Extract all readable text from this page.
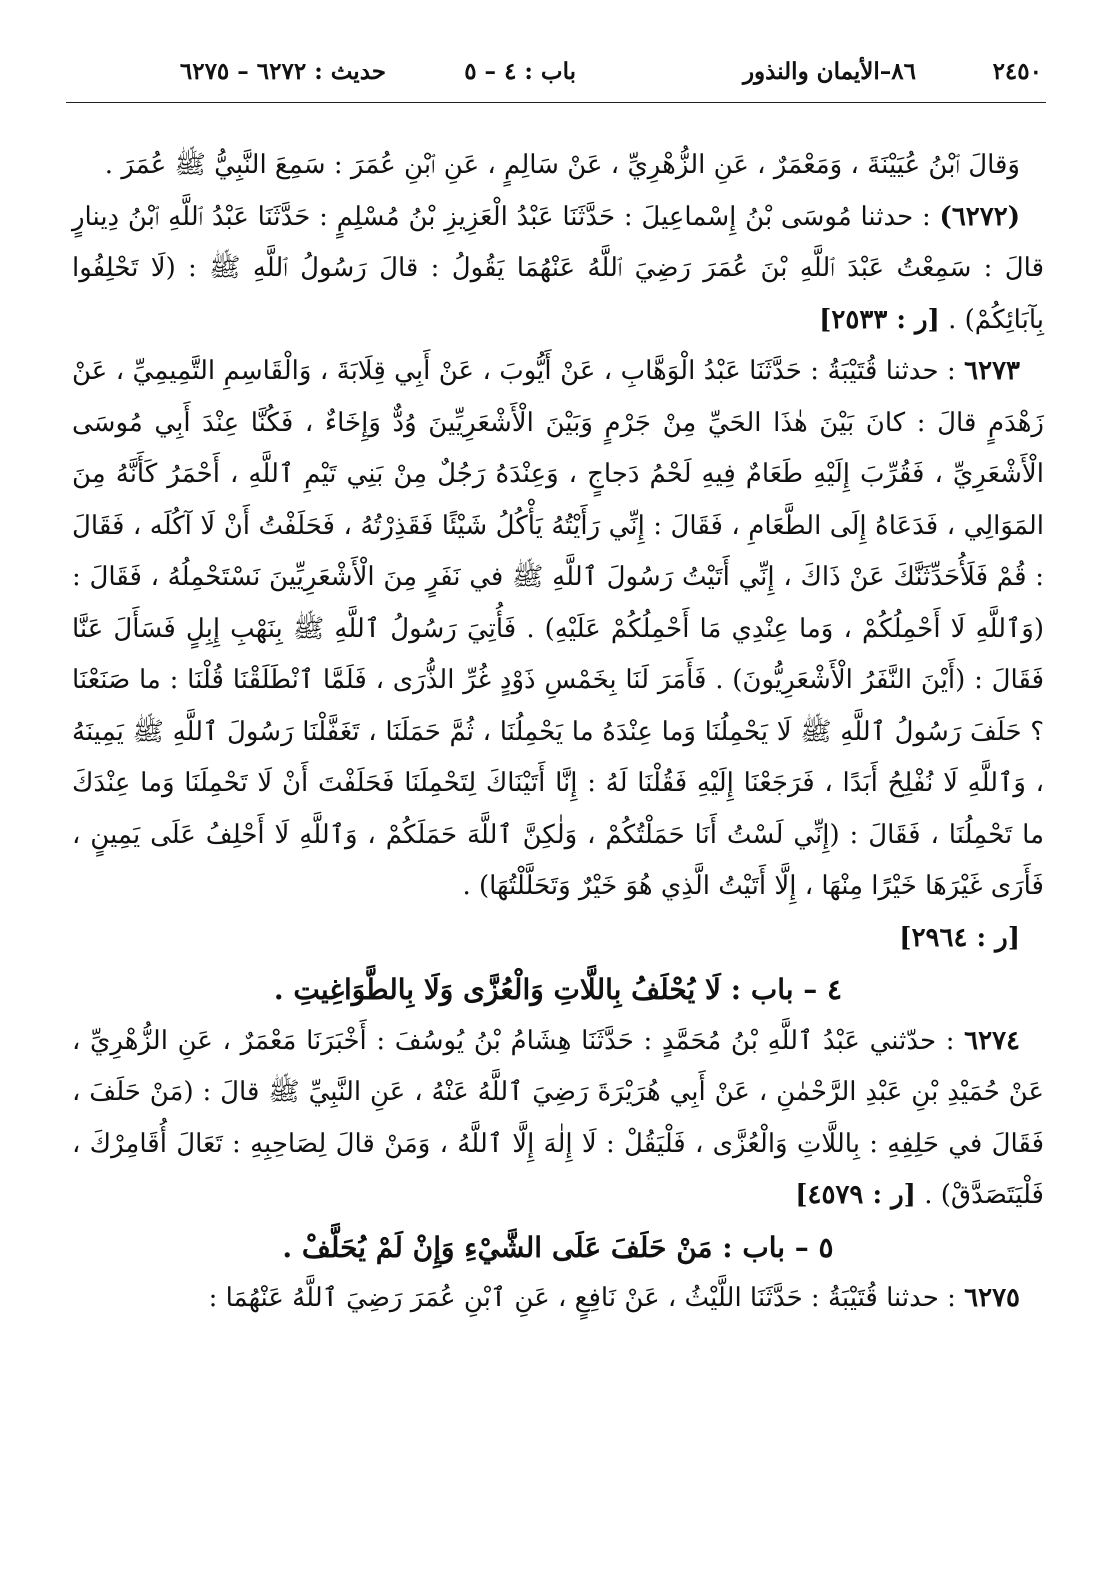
٢٤٥٠
٨٦–الأيمان والنذور
باب : ٤ – ٥
حديث : ٦٢٧٢ – ٦٢٧٥

وَقالَ ٱبْنُ عُيَيْنَةَ ، وَمَعْمَرٌ ، عَنِ الزُّهْرِيِّ ، عَنْ سَالِمٍ ، عَنِ ٱبْنِ عُمَرَ : سَمِعَ النَّبِيُّ ﷺ عُمَرَ .

(٦٢٧٢) : حدثنا مُوسَى بْنُ إِسْماعِيلَ : حَدَّثَنَا عَبْدُ الْعَزِيزِ بْنُ مُسْلِمٍ : حَدَّثَنَا عَبْدُ ٱللَّهِ ٱبْنُ دِينارٍ قالَ : سَمِعْتُ عَبْدَ ٱللَّهِ بْنَ عُمَرَ رَضِيَ ٱللَّهُ عَنْهُمَا يَقُولُ : قالَ رَسُولُ ٱللَّهِ ﷺ : (لَا تَحْلِفُوا بِآبَائِكُمْ) . [ر : ٢٥٣٣]

٦٢٧٣ : حدثنا قُتَيْبَةُ : حَدَّثَنَا عَبْدُ الْوَهَّابِ ، عَنْ أَيُّوبَ ، عَنْ أَبِي قِلَابَةَ ، وَالْقَاسِمِ التَّمِيمِيِّ ، عَنْ زَهْدَمٍ قالَ : كانَ بَيْنَ هٰذَا الحَيِّ مِنْ جَرْمٍ وَبَيْنَ الْأَشْعَرِيِّينَ وُدٌّ وَإِخَاءٌ ، فَكُنَّا عِنْدَ أَبِي مُوسَى الْأَشْعَرِيِّ ، فَقُرِّبَ إِلَيْهِ طَعَامٌ فِيهِ لَحْمُ دَجاجٍ ، وَعِنْدَهُ رَجُلٌ مِنْ بَنِي تَيْمِ ٱللَّهِ ، أَحْمَرُ كَأَنَّهُ مِنَ المَوَالِي ، فَدَعَاهُ إِلَى الطَّعَامِ ، فَقَالَ : إِنِّي رَأَيْتُهُ يَأْكُلُ شَيْئًا فَقَذِرْتُهُ ، فَحَلَفْتُ أَنْ لَا آكُلَه ، فَقَالَ : قُمْ فَلَأُحَدِّثَنَّكَ عَنْ ذَاكَ ، إِنِّي أَتَيْتُ رَسُولَ ٱللَّهِ ﷺ في نَفَرٍ مِنَ الْأَشْعَرِيِّينَ نَسْتَحْمِلُهُ ، فَقَالَ : (وَٱللَّهِ لَا أَحْمِلُكُمْ ، وَما عِنْدِي مَا أَحْمِلُكُمْ عَلَيْهِ) . فَأُتِيَ رَسُولُ ٱللَّهِ ﷺ بِنَهْبِ إِبِلٍ فَسَأَلَ عَنَّا فَقَالَ : (أَيْنَ النَّفَرُ الْأَشْعَرِيُّونَ) . فَأَمَرَ لَنَا بِخَمْسِ ذَوْدٍ غُرِّ الذُّرَى ، فَلَمَّا ٱنْطَلَقْنَا قُلْنَا : ما صَنَعْنَا ؟ حَلَفَ رَسُولُ ٱللَّهِ ﷺ لَا يَحْمِلُنَا وَما عِنْدَهُ ما يَحْمِلُنَا ، ثُمَّ حَمَلَنَا ، تَغَفَّلْنَا رَسُولَ ٱللَّهِ ﷺ يَمِينَهُ ، وَٱللَّهِ لَا نُفْلِحُ أَبَدًا ، فَرَجَعْنَا إِلَيْهِ فَقُلْنَا لَهُ : إِنَّا أَتَيْنَاكَ لِتَحْمِلَنَا فَحَلَفْتَ أَنْ لَا تَحْمِلَنَا وَما عِنْدَكَ ما تَحْمِلُنَا ، فَقَالَ : (إِنِّي لَسْتُ أَنَا حَمَلْتُكُمْ ، وَلٰكِنَّ ٱللَّهَ حَمَلَكُمْ ، وَٱللَّهِ لَا أَحْلِفُ عَلَى يَمِينٍ ، فَأَرَى غَيْرَهَا خَيْرًا مِنْهَا ، إِلَّا أَتَيْتُ الَّذِي هُوَ خَيْرٌ وَتَحَلَّلْتُهَا) .

[ر : ٢٩٦٤]

٤ – باب : لَا يُحْلَفُ بِاللَّاتِ وَالْعُزَّى وَلَا بِالطَّوَاغِيتِ .

٦٢٧٤ : حدّثني عَبْدُ ٱللَّهِ بْنُ مُحَمَّدٍ : حَدَّثَنَا هِشَامُ بْنُ يُوسُفَ : أَخْبَرَنَا مَعْمَرٌ ، عَنِ الزُّهْرِيِّ ، عَنْ حُمَيْدِ بْنِ عَبْدِ الرَّحْمٰنِ ، عَنْ أَبِي هُرَيْرَةَ رَضِيَ ٱللَّهُ عَنْهُ ، عَنِ النَّبِيِّ ﷺ قالَ : (مَنْ حَلَفَ ، فَقَالَ في حَلِفِهِ : بِاللَّاتِ وَالْعُزَّى ، فَلْيَقُلْ : لَا إِلٰهَ إِلَّا ٱللَّهُ ، وَمَنْ قالَ لِصَاحِبِهِ : تَعَالَ أُقَامِرْكَ ، فَلْيَتَصَدَّقْ) . [ر : ٤٥٧٩]

٥ – باب : مَنْ حَلَفَ عَلَى الشَّيْءِ وَإِنْ لَمْ يُحَلَّفْ .

٦٢٧٥ : حدثنا قُتَيْبَةُ : حَدَّثَنَا اللَّيْثُ ، عَنْ نَافِعٍ ، عَنِ ٱبْنِ عُمَرَ رَضِيَ ٱللَّهُ عَنْهُمَا :
